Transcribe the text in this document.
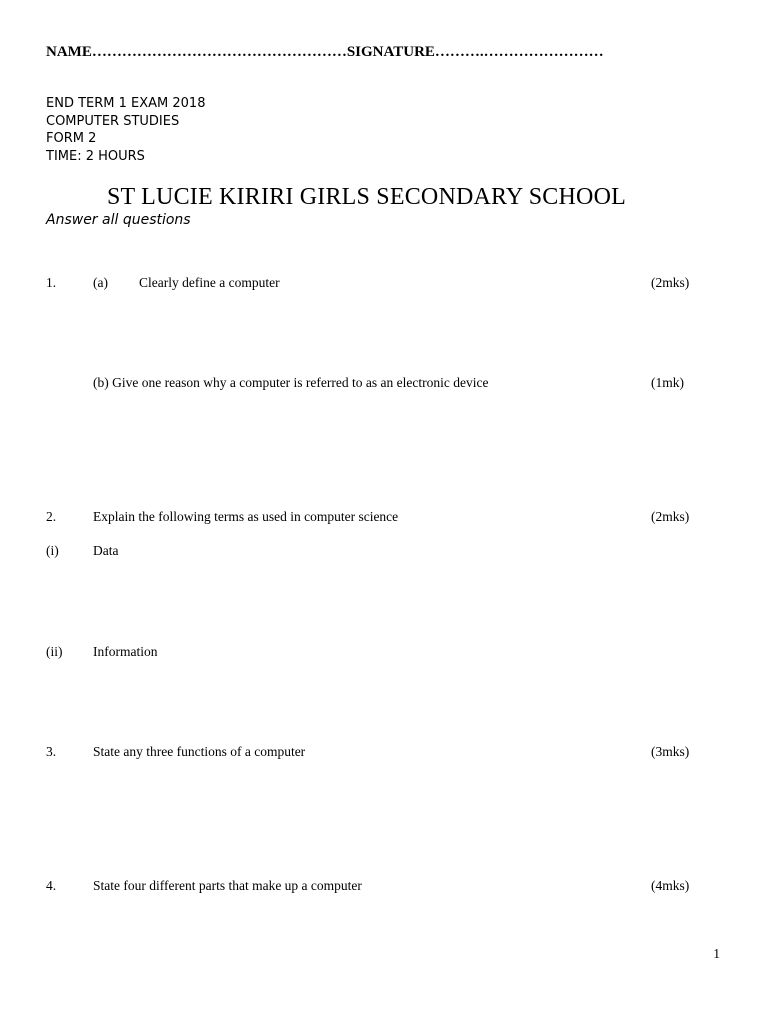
NAME……………………………………………SIGNATURE……….……………………
END TERM 1 EXAM 2018
COMPUTER STUDIES
FORM 2
TIME: 2 HOURS
ST LUCIE KIRIRI GIRLS SECONDARY SCHOOL
Answer all questions
1.	(a) Clearly define a computer	(2mks)
(b) Give one reason why a computer is referred to as an electronic device	(1mk)
2.	Explain the following terms as used in computer science	(2mks)
(i)	Data
(ii) Information
3.	State any three functions of a computer	(3mks)
4.	State four different parts that make up a computer	(4mks)
1
